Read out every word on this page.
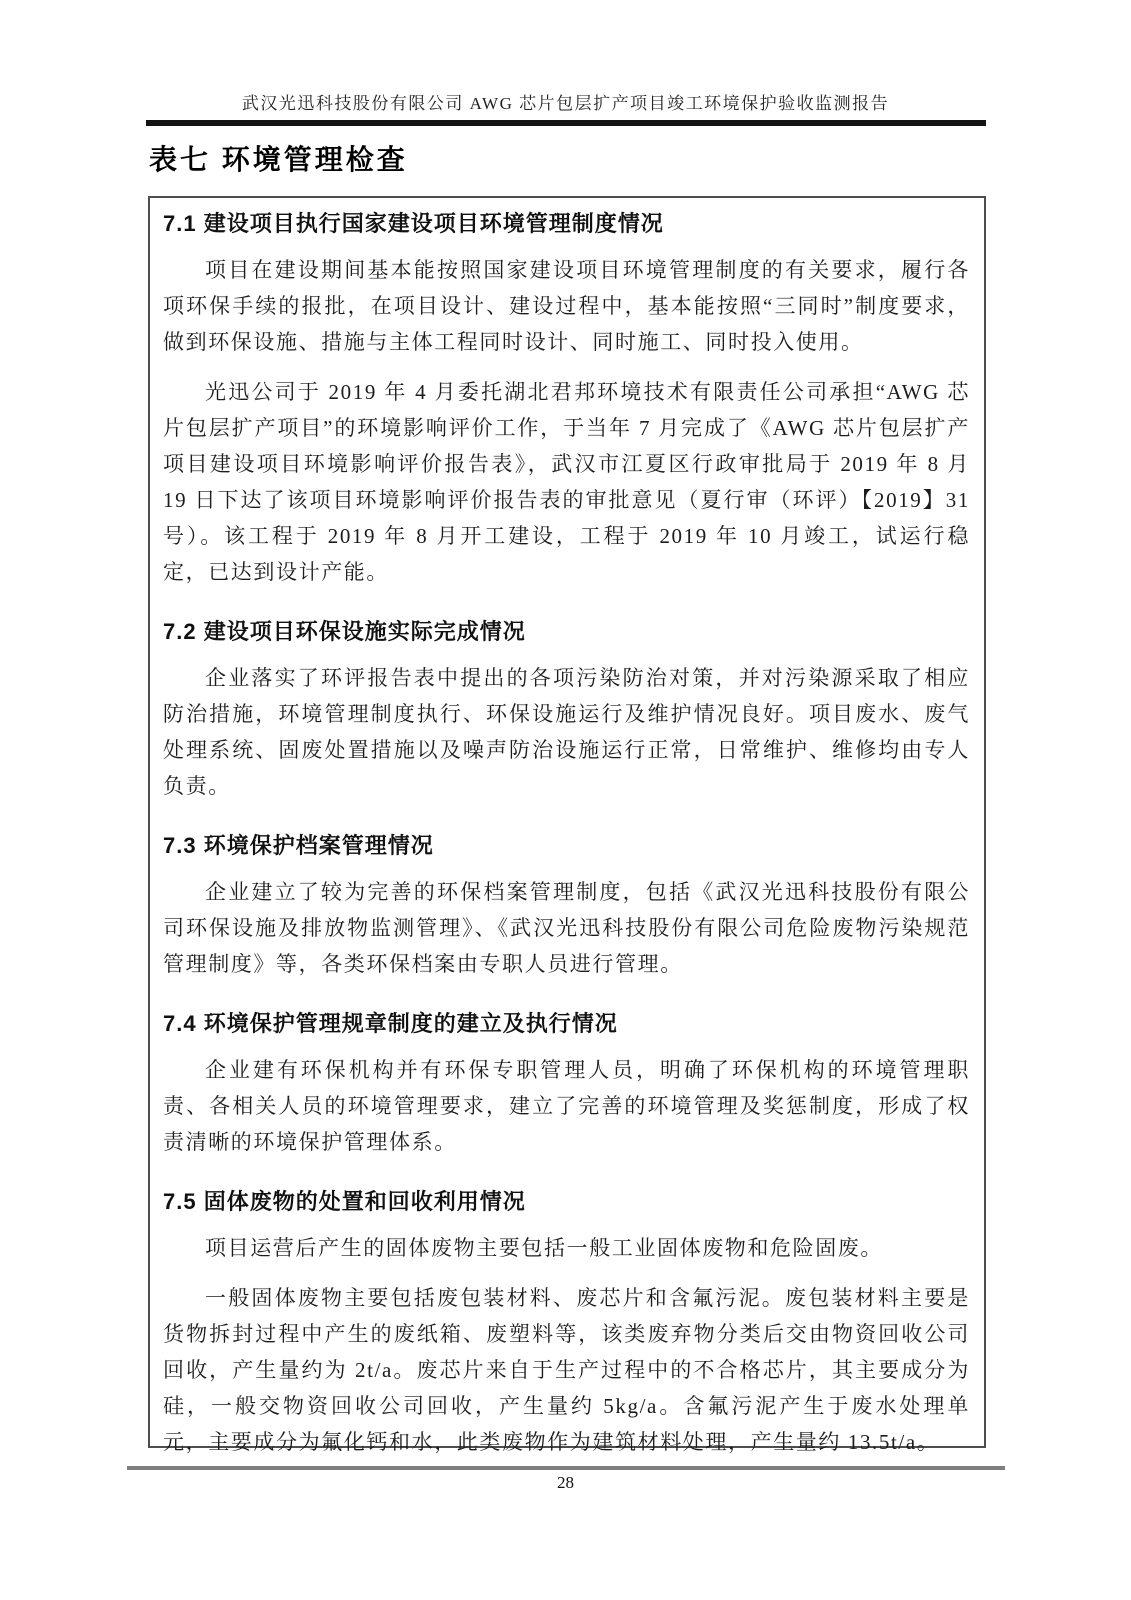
武汉光迅科技股份有限公司 AWG 芯片包层扩产项目竣工环境保护验收监测报告
表七 环境管理检查
7.1 建设项目执行国家建设项目环境管理制度情况
项目在建设期间基本能按照国家建设项目环境管理制度的有关要求，履行各项环保手续的报批，在项目设计、建设过程中，基本能按照“三同时”制度要求，做到环保设施、措施与主体工程同时设计、同时施工、同时投入使用。
光迅公司于 2019 年 4 月委托湖北君邦环境技术有限责任公司承担“AWG 芯片包层扩产项目”的环境影响评价工作，于当年 7 月完成了《AWG 芯片包层扩产项目建设项目环境影响评价报告表》，武汉市江夏区行政审批局于 2019 年 8 月 19 日下达了该项目环境影响评价报告表的审批意见（夏行审（环评）【2019】31 号）。该工程于 2019 年 8 月开工建设，工程于 2019 年 10 月竣工，试运行稳定，已达到设计产能。
7.2 建设项目环保设施实际完成情况
企业落实了环评报告表中提出的各项污染防治对策，并对污染源采取了相应防治措施，环境管理制度执行、环保设施运行及维护情况良好。项目废水、废气处理系统、固废处置措施以及噪声防治设施运行正常，日常维护、维修均由专人负责。
7.3 环境保护档案管理情况
企业建立了较为完善的环保档案管理制度，包括《武汉光迅科技股份有限公司环保设施及排放物监测管理》、《武汉光迅科技股份有限公司危险废物污染规范管理制度》等，各类环保档案由专职人员进行管理。
7.4 环境保护管理规章制度的建立及执行情况
企业建有环保机构并有环保专职管理人员，明确了环保机构的环境管理职责、各相关人员的环境管理要求，建立了完善的环境管理及奖惩制度，形成了权责清晰的环境保护管理体系。
7.5 固体废物的处置和回收利用情况
项目运营后产生的固体废物主要包括一般工业固体废物和危险固废。
一般固体废物主要包括废包装材料、废芯片和含氟污泥。废包装材料主要是货物拆封过程中产生的废纸箱、废塑料等，该类废弃物分类后交由物资回收公司回收，产生量约为 2t/a。废芯片来自于生产过程中的不合格芯片，其主要成分为硅，一般交物资回收公司回收，产生量约 5kg/a。含氟污泥产生于废水处理单元，主要成分为氟化钙和水，此类废物作为建筑材料处理，产生量约 13.5t/a。
28
